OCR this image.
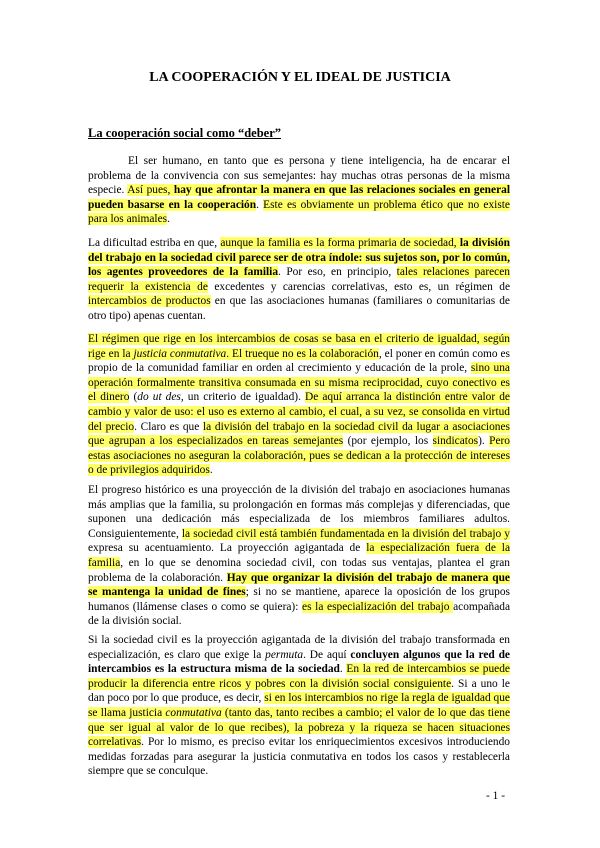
LA COOPERACIÓN Y EL IDEAL DE JUSTICIA
La cooperación social como “deber”

El ser humano, en tanto que es persona y tiene inteligencia, ha de encarar el problema de la convivencia con sus semejantes: hay muchas otras personas de la misma especie. Así pues, hay que afrontar la manera en que las relaciones sociales en general pueden basarse en la cooperación. Este es obviamente un problema ético que no existe para los animales.

La dificultad estriba en que, aunque la familia es la forma primaria de sociedad, la división del trabajo en la sociedad civil parece ser de otra índole: sus sujetos son, por lo común, los agentes proveedores de la familia. Por eso, en principio, tales relaciones parecen requerir la existencia de excedentes y carencias correlativas, esto es, un régimen de intercambios de productos en que las asociaciones humanas (familiares o comunitarias de otro tipo) apenas cuentan.

El régimen que rige en los intercambios de cosas se basa en el criterio de igualdad, según rige en la justicia conmutativa. El trueque no es la colaboración, el poner en común como es propio de la comunidad familiar en orden al crecimiento y educación de la prole, sino una operación formalmente transitiva consumada en su misma reciprocidad, cuyo conectivo es el dinero (do ut des, un criterio de igualdad). De aquí arranca la distinción entre valor de cambio y valor de uso: el uso es externo al cambio, el cual, a su vez, se consolida en virtud del precio. Claro es que la división del trabajo en la sociedad civil da lugar a asociaciones que agrupan a los especializados en tareas semejantes (por ejemplo, los sindicatos). Pero estas asociaciones no aseguran la colaboración, pues se dedican a la protección de intereses o de privilegios adquiridos.

El progreso histórico es una proyección de la división del trabajo en asociaciones humanas más amplias que la familia, su prolongación en formas más complejas y diferenciadas, que suponen una dedicación más especializada de los miembros familiares adultos. Consiguientemente, la sociedad civil está también fundamentada en la división del trabajo y expresa su acentuamiento. La proyección agigantada de la especialización fuera de la familia, en lo que se denomina sociedad civil, con todas sus ventajas, plantea el gran problema de la colaboración. Hay que organizar la división del trabajo de manera que se mantenga la unidad de fines; si no se mantiene, aparece la oposición de los grupos humanos (llámense clases o como se quiera): es la especialización del trabajo acompañada de la división social.

Si la sociedad civil es la proyección agigantada de la división del trabajo transformada en especialización, es claro que exige la permuta. De aquí concluyen algunos que la red de intercambios es la estructura misma de la sociedad. En la red de intercambios se puede producir la diferencia entre ricos y pobres con la división social consiguiente. Si a uno le dan poco por lo que produce, es decir, si en los intercambios no rige la regla de igualdad que se llama justicia conmutativa (tanto das, tanto recibes a cambio; el valor de lo que das tiene que ser igual al valor de lo que recibes), la pobreza y la riqueza se hacen situaciones correlativas. Por lo mismo, es preciso evitar los enriquecimientos excesivos introduciendo medidas forzadas para asegurar la justicia conmutativa en todos los casos y restablecerla siempre que se conculque.

- 1 -
